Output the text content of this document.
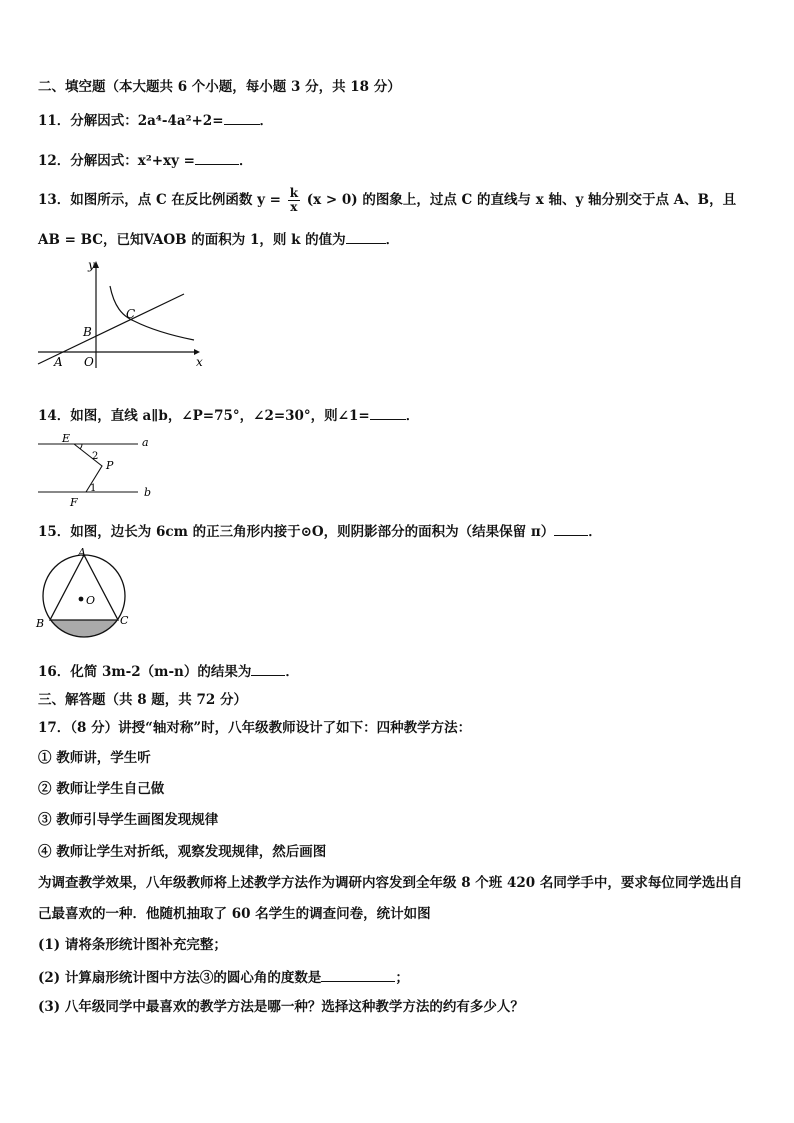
二、填空题（本大题共 6 个小题，每小题 3 分，共 18 分）
11．分解因式：2a⁴-4a²+2=	．
12．分解因式：x²+xy =	．
13．如图所示，点 C 在反比例函数 $y = \frac{k}{x} (x > 0)$ 的图象上，过点 C 的直线与 x 轴、y 轴分别交于点 A、B，且
AB = BC，已知VAOB 的面积为 1，则 k 的值为	．
x
y
O
A
B
C
14．如图，直线 a∥b，∠P=75°，∠2=30°，则∠1=	．
E
F
P
a
b
1
2
15．如图，边长为 6cm 的正三角形内接于⊙O，则阴影部分的面积为（结果保留 π）	．
A
B	C
O
16．化简 3m-2（m-n）的结果为	．
三、解答题（共 8 题，共 72 分）
17．（8 分）讲授“轴对称”时，八年级教师设计了如下：四种教学方法：
① 教师讲，学生听
② 教师让学生自己做
③ 教师引导学生画图发现规律
④ 教师让学生对折纸，观察发现规律，然后画图
为调查教学效果，八年级教师将上述教学方法作为调研内容发到全年级 8 个班 420 名同学手中，要求每位同学选出自
己最喜欢的一种．他随机抽取了 60 名学生的调查问卷，统计如图
(1) 请将条形统计图补充完整；
(2) 计算扇形统计图中方法③的圆心角的度数是	；
(3) 八年级同学中最喜欢的教学方法是哪一种？选择这种教学方法的约有多少人？
